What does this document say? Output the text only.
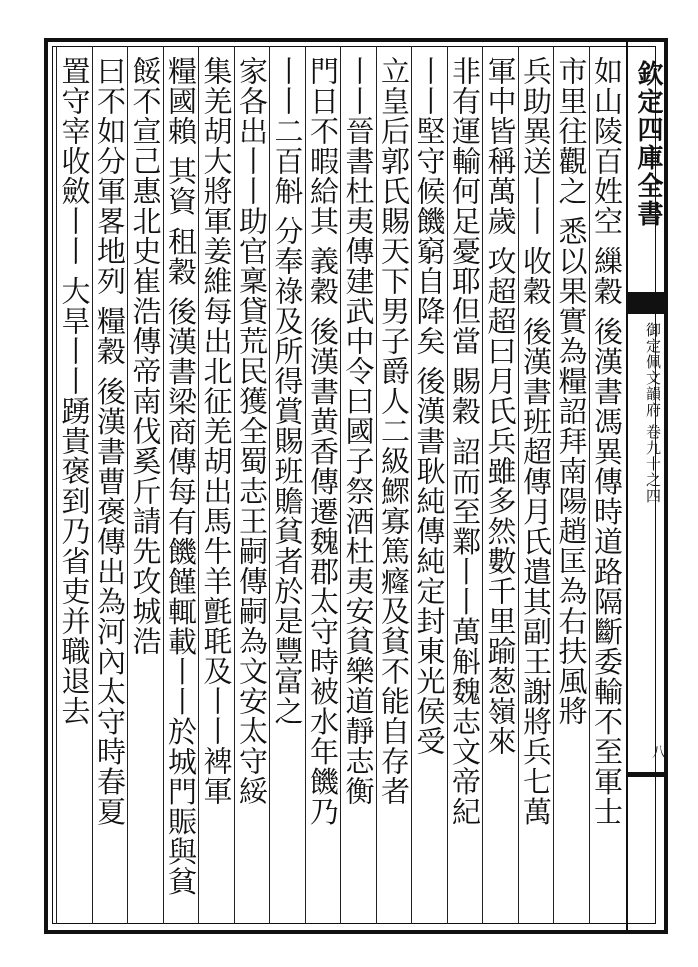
欽定四庫全書
御定佩文韻府 卷九十之四
八
如山陵百姓空 繅穀 後漢書馮異傳時道路隔斷委輸不至軍士
市里往觀之 悉以果實為糧詔拜南陽趙匡為右扶風將
兵助異送丨丨 收穀 後漢書班超傳月氏遣其副王謝將兵七萬
軍中皆稱萬歲 攻超超曰月氏兵雖多然數千里踰葱嶺來
非有運輸何足憂耶但當 賜穀 詔而至鄴丨丨萬斛魏志文帝紀
丨丨堅守候饑窮自降矣 後漢書耿純傳純定封東光侯受
立皇后郭氏賜天下男子爵人二級鰥寡篤癃及貧不能自存者
丨丨晉書杜夷傳建武中令曰國子祭酒杜夷安貧樂道靜志衡
門日不暇給其 義穀 後漢書黄香傳遷魏郡太守時被水年饑乃
丨丨二百斛 分奉祿及所得賞賜班贍貧者於是豐富之
家各出丨丨助官稟貸荒民獲全蜀志王嗣傳嗣為文安太守綏
集羌胡大將軍姜維每出北征羌胡出馬牛羊氈毦及丨丨裨軍
糧國賴 其資 租穀 後漢書梁商傳每有饑饉輒載丨丨於城門賑與貧
餒不宣己惠北史崔浩傳帝南伐奚斤請先攻城浩
曰不如分軍畧地列 糧穀 後漢書曹褒傳出為河內太守時春夏
置守宰收斂丨丨 大旱丨丨踴貴褒到乃省吏并職退去
